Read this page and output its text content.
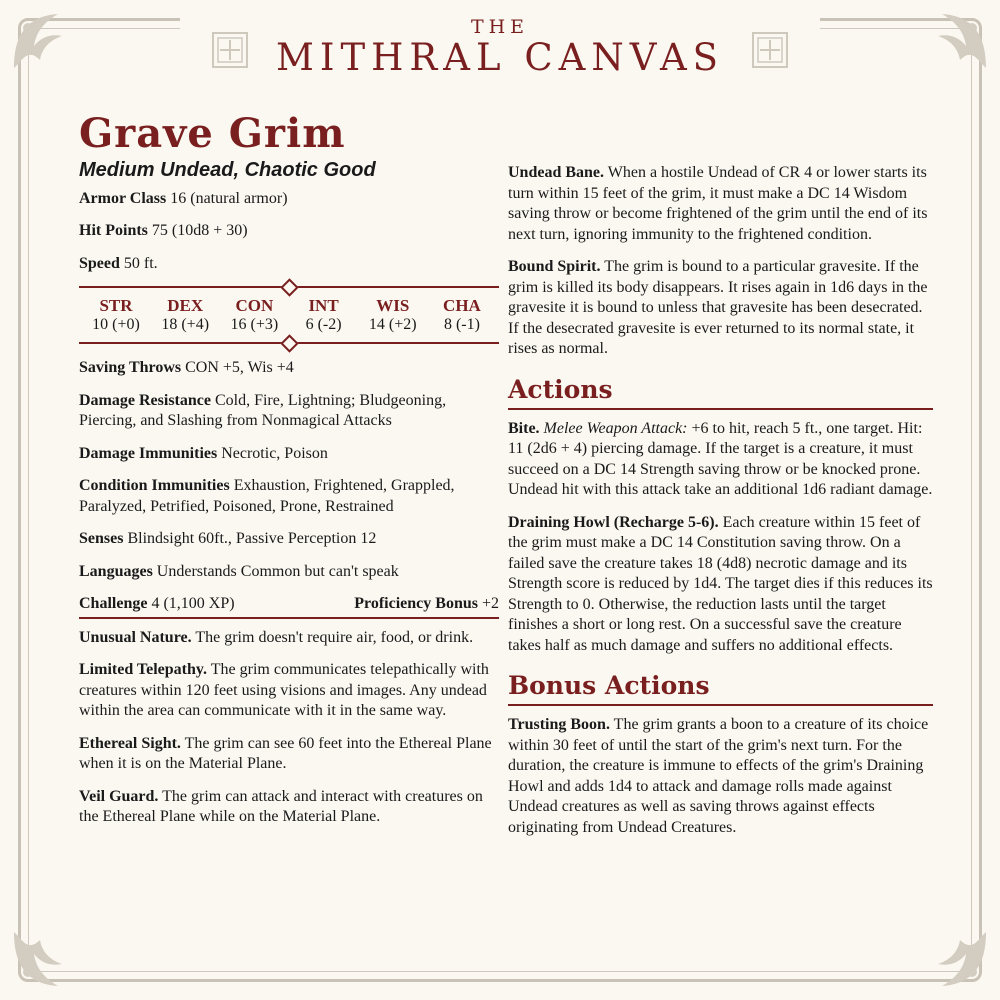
THE
MITHRAL CANVAS
Grave Grim
Medium Undead, Chaotic Good
Armor Class 16 (natural armor)
Hit Points 75 (10d8 + 30)
Speed 50 ft.
STR
10 (+0)
DEX
18 (+4)
CON
16 (+3)
INT
6 (-2)
WIS
14 (+2)
CHA
8 (-1)
Saving Throws CON +5, Wis +4
Damage Resistance Cold, Fire, Lightning; Bludgeoning, Piercing, and Slashing from Nonmagical Attacks
Damage Immunities Necrotic, Poison
Condition Immunities Exhaustion, Frightened, Grappled, Paralyzed, Petrified, Poisoned, Prone, Restrained
Senses Blindsight 60ft., Passive Perception 12
Languages Understands Common but can't speak
Challenge 4 (1,100 XP)	Proficiency Bonus +2
Unusual Nature. The grim doesn't require air, food, or drink.
Limited Telepathy. The grim communicates telepathically with creatures within 120 feet using visions and images. Any undead within the area can communicate with it in the same way.
Ethereal Sight. The grim can see 60 feet into the Ethereal Plane when it is on the Material Plane.
Veil Guard. The grim can attack and interact with creatures on the Ethereal Plane while on the Material Plane.
Undead Bane. When a hostile Undead of CR 4 or lower starts its turn within 15 feet of the grim, it must make a DC 14 Wisdom saving throw or become frightened of the grim until the end of its next turn, ignoring immunity to the frightened condition.
Bound Spirit. The grim is bound to a particular gravesite. If the grim is killed its body disappears. It rises again in 1d6 days in the gravesite it is bound to unless that gravesite has been desecrated. If the desecrated gravesite is ever returned to its normal state, it rises as normal.
Actions
Bite. Melee Weapon Attack: +6 to hit, reach 5 ft., one target. Hit: 11 (2d6 + 4) piercing damage. If the target is a creature, it must succeed on a DC 14 Strength saving throw or be knocked prone. Undead hit with this attack take an additional 1d6 radiant damage.
Draining Howl (Recharge 5-6). Each creature within 15 feet of the grim must make a DC 14 Constitution saving throw. On a failed save the creature takes 18 (4d8) necrotic damage and its Strength score is reduced by 1d4. The target dies if this reduces its Strength to 0. Otherwise, the reduction lasts until the target finishes a short or long rest. On a successful save the creature takes half as much damage and suffers no additional effects.
Bonus Actions
Trusting Boon. The grim grants a boon to a creature of its choice within 30 feet of until the start of the grim's next turn. For the duration, the creature is immune to effects of the grim's Draining Howl and adds 1d4 to attack and damage rolls made against Undead creatures as well as saving throws against effects originating from Undead Creatures.
